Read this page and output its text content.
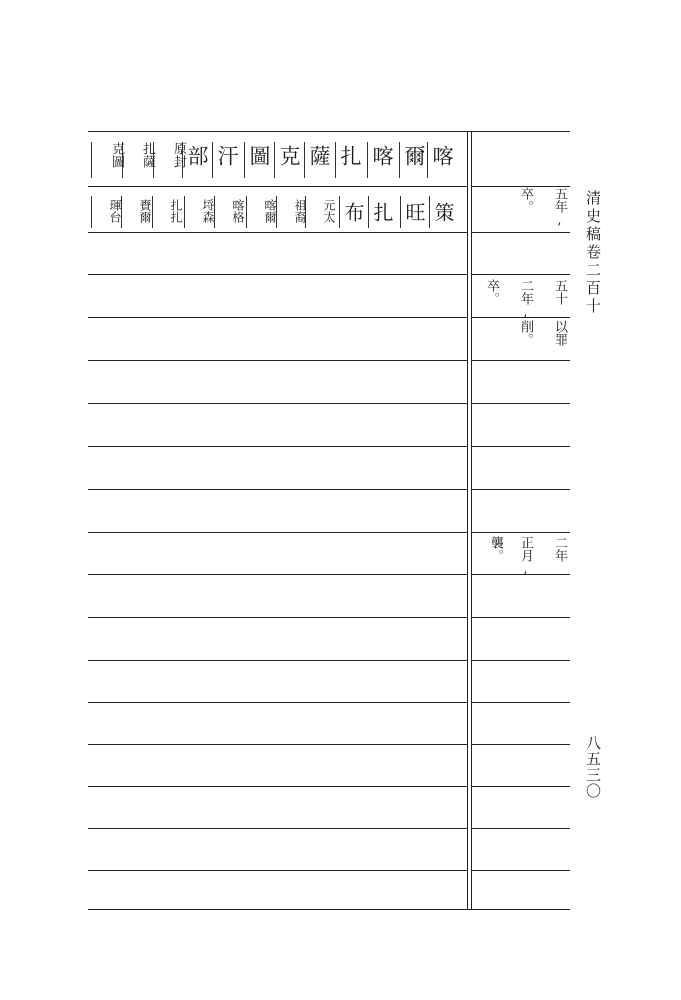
喀
爾
喀
扎
薩
克
圖
汗
部
原封
扎薩
克圖
策
旺
扎
布
元太
祖裔
喀爾
喀格
埒森
扎扎
賚爾
琿台	五年,
卒。
五十
二年,
卒。
以罪
削。
二年
正月,
襲。
清史稿卷二百十
八五三〇
